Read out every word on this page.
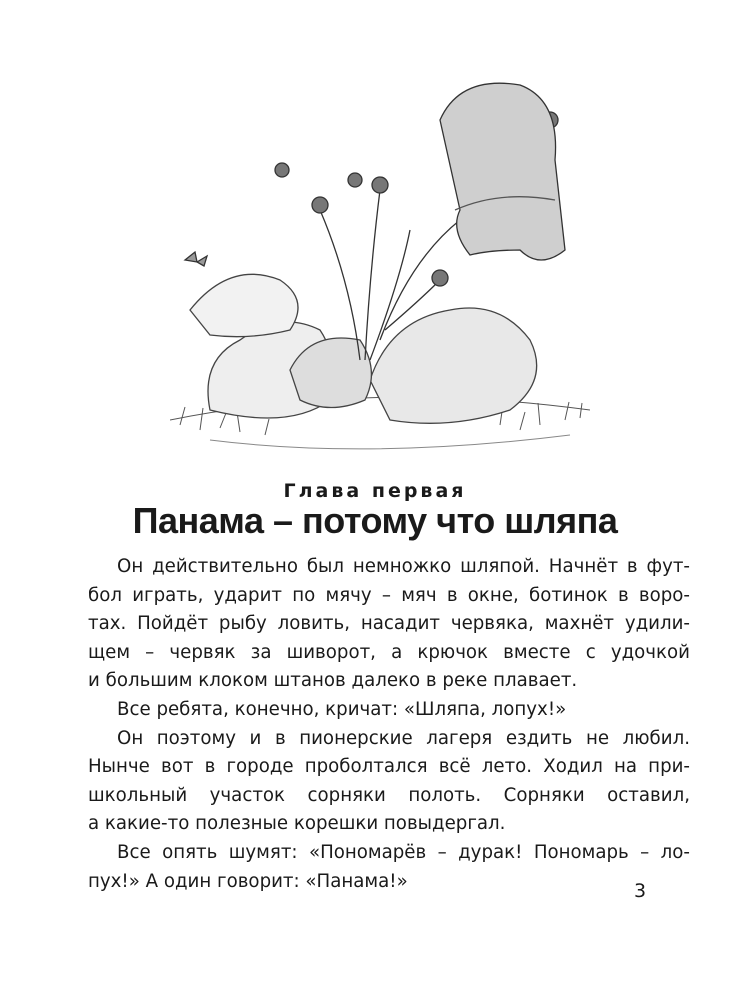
Глава первая
Панама – потому что шляпа
Он действительно был немножко шляпой. Начнёт в фут-
бол играть, ударит по мячу – мяч в окне, ботинок в воро-
тах. Пойдёт рыбу ловить, насадит червяка, махнёт удили-
щем – червяк за шиворот, а крючок вместе с удочкой
и большим клоком штанов далеко в реке плавает.
Все ребята, конечно, кричат: «Шляпа, лопух!»
Он поэтому и в пионерские лагеря ездить не любил.
Нынче вот в городе проболтался всё лето. Ходил на при-
школьный участок сорняки полоть. Сорняки оставил,
а какие-то полезные корешки повыдергал.
Все опять шумят: «Пономарёв – дурак! Пономарь – ло-
пух!» А один говорит: «Панама!»	3
